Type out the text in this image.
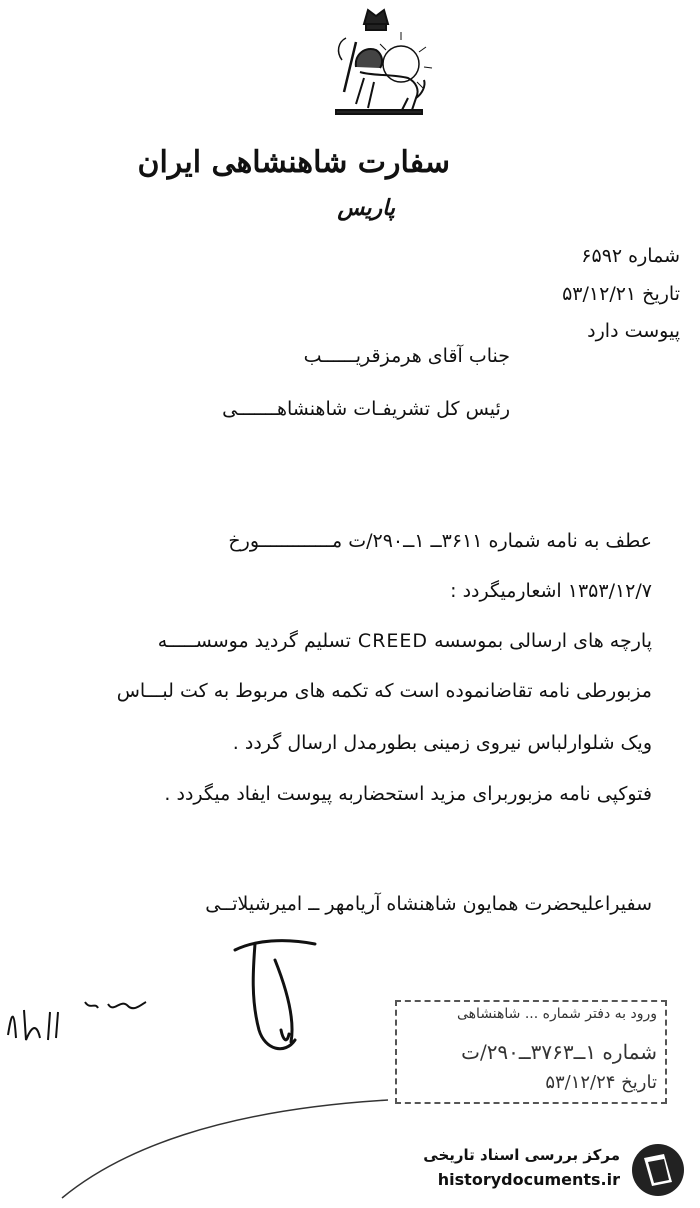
سفارت شاهنشاهی ایران
پاریس
شماره ۶۵۹۲
تاریخ ۵۳/۱۲/۲۱
پیوست دارد
جناب آقای هرمزقریــــــب
رئیس کل تشریفـات شاهنشاهـــــــی
عطف به نامه شماره ۳۶۱۱ــ ۱ــ۲۹۰/ت مـــــــــــــورخ
۱۳۵۳/۱۲/۷ اشعارمیگردد :
پارچه های ارسالی بموسسه CREED تسلیم گردید موسســـــه
مزبورطی نامه تقاضانموده است که تکمه های مربوط به کت لبـــاس
ویک شلوارلباس نیروی زمینی بطورمدل ارسال گردد .
فتوکپی نامه مزبوربرای مزید استحضاربه پیوست ایفاد میگردد .
سفیراعلیحضرت همایون شاهنشاه آریامهر ــ امیرشیلاتــی
ورود به دفتر شماره ... شاهنشاهی
شماره ۱ــ۳۷۶۳ــ۲۹۰/ت
تاریخ ۵۳/۱۲/۲۴
مرکز بررسی اسناد تاریخی
historydocuments.ir
